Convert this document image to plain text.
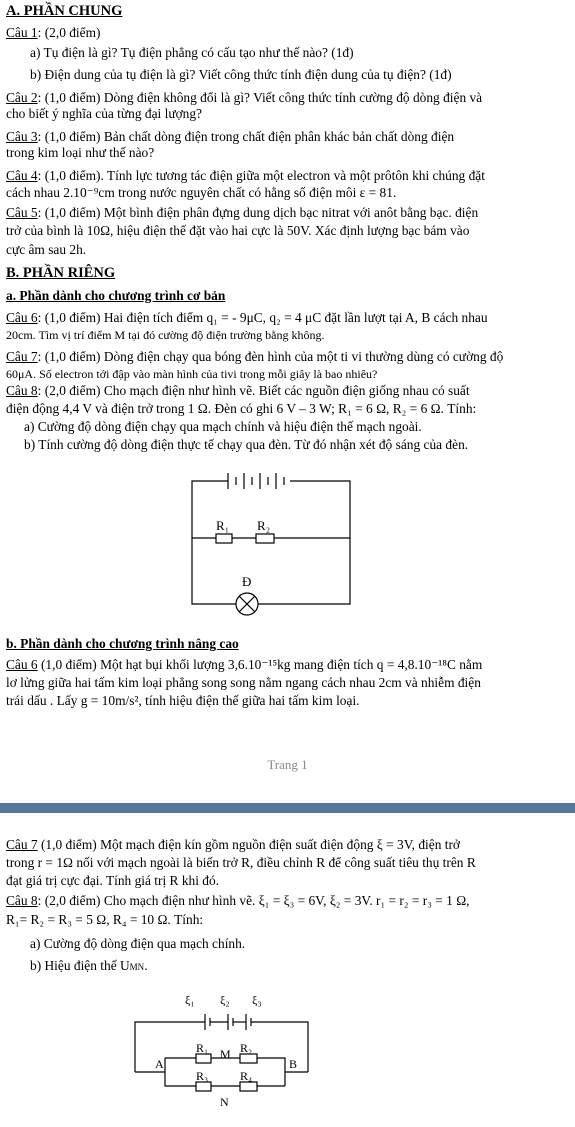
A. PHẦN CHUNG
Câu 1: (2,0 điểm)
a) Tụ điện là gì? Tụ điện phẳng có cấu tạo như thế nào? (1đ)
b) Điện dung của tụ điện là gì? Viết công thức tính điện dung của tụ điện? (1đ)
Câu 2: (1,0 điểm) Dòng điện không đổi là gì? Viết công thức tính cường độ dòng điện và
cho biết ý nghĩa của từng đại lượng?
Câu 3: (1,0 điểm) Bản chất dòng điện trong chất điện phân khác bản chất dòng điện
trong kim loại như thế nào?
Câu 4: (1,0 điểm). Tính lực tương tác điện giữa một electron và một prôtôn khi chúng đặt
cách nhau 2.10⁻⁹cm trong nước nguyên chất có hằng số điện môi ε = 81.
Câu 5: (1,0 điểm) Một bình điện phân đựng dung dịch bạc nitrat với anôt bằng bạc. điện
trở của bình là 10Ω, hiệu điện thế đặt vào hai cực là 50V. Xác định lượng bạc bám vào
cực âm sau 2h.
B. PHẦN RIÊNG
a. Phần dành cho chương trình cơ bản
Câu 6: (1,0 điểm) Hai điện tích điểm q₁ = - 9μC, q₂ = 4 μC đặt lần lượt tại A, B cách nhau
20cm. Tìm vị trí điểm M tại đó cường độ điện trường bằng không.
Câu 7: (1,0 điểm) Dòng điện chạy qua bóng đèn hình của một ti vi thường dùng có cường độ
60μA. Số electron tới đập vào màn hình của tivi trong mỗi giây là bao nhiêu?
Câu 8: (2,0 điểm) Cho mạch điện như hình vẽ. Biết các nguồn điện giống nhau có suất
điện động 4,4 V và điện trở trong 1 Ω. Đèn có ghi 6 V – 3 W; R₁ = 6 Ω, R₂ = 6 Ω. Tính:
a) Cường độ dòng điện chạy qua mạch chính và hiệu điện thế mạch ngoài.
b) Tính cường độ dòng điện thực tế chạy qua đèn. Từ đó nhận xét độ sáng của đèn.
R₁ R₂
Đ
b. Phần dành cho chương trình nâng cao
Câu 6 (1,0 điểm) Một hạt bụi khối lượng 3,6.10⁻¹⁵kg mang điện tích q = 4,8.10⁻¹⁸C nằm
lơ lửng giữa hai tấm kim loại phẳng song song nằm ngang cách nhau 2cm và nhiễm điện
trái dấu . Lấy g = 10m/s², tính hiệu điện thế giữa hai tấm kim loại.
Trang 1
Câu 7 (1,0 điểm) Một mạch điện kín gồm nguồn điện suất điện động ξ = 3V, điện trở
trong r = 1Ω nối với mạch ngoài là biến trở R, điều chỉnh R để công suất tiêu thụ trên R
đạt giá trị cực đại. Tính giá trị R khi đó.
Câu 8: (2,0 điểm) Cho mạch điện như hình vẽ. ξ₁ = ξ₃ = 6V, ξ₂ = 3V. r₁ = r₂ = r₃ = 1 Ω,
R₁= R₂ = R₃ = 5 Ω, R₄ = 10 Ω. Tính:
a) Cường độ dòng điện qua mạch chính.
b) Hiệu điện thế UMN.
ξ₁ ξ₂ ξ₃
R₁ M R₂
A
R₃
N
R₄
B
